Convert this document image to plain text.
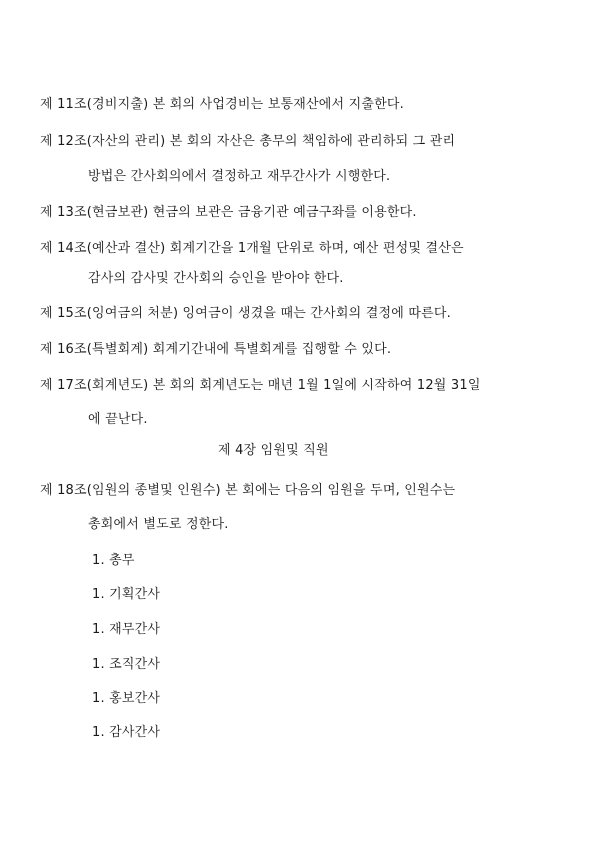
제 11조(경비지출) 본 회의 사업경비는 보통재산에서 지출한다.
제 12조(자산의 관리) 본 회의 자산은 총무의 책임하에 관리하되 그 관리
방법은 간사회의에서 결정하고 재무간사가 시행한다.
제 13조(현금보관) 현금의 보관은 금융기관 예금구좌를 이용한다.
제 14조(예산과 결산) 회계기간을 1개월 단위로 하며, 예산 편성및 결산은
감사의 감사및 간사회의 승인을 받아야 한다.
제 15조(잉여금의 처분) 잉여금이 생겼을 때는 간사회의 결정에 따른다.
제 16조(특별회계) 회계기간내에 특별회계를 집행할 수 있다.
제 17조(회계년도) 본 회의 회계년도는 매년 1월 1일에 시작하여 12월 31일
에 끝난다.
제 4장 임원및 직원
제 18조(임원의 종별및 인원수) 본 회에는 다음의 임원을 두며, 인원수는
총회에서 별도로 정한다.
1. 총무
1. 기획간사
1. 재무간사
1. 조직간사
1. 홍보간사
1. 감사간사
